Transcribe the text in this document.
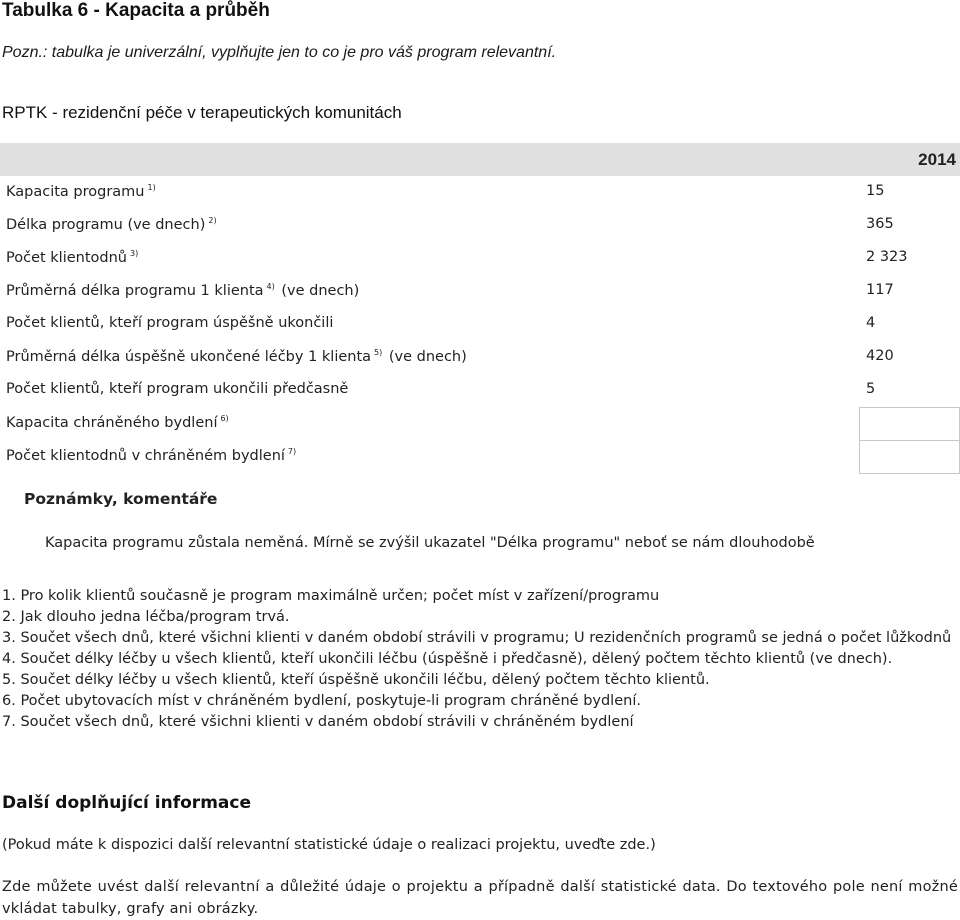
Tabulka 6 - Kapacita a průběh
Pozn.: tabulka je univerzální, vyplňujte jen to co je pro váš program relevantní.
RPTK - rezidenční péče v terapeutických komunitách
2014
Kapacita programu $^{1)}$	15
Délka programu (ve dnech) $^{2)}$	365
Počet klientodnů $^{3)}$	2 323
Průměrná délka programu 1 klienta $^{4)}$ (ve dnech)	117
Počet klientů, kteří program úspěšně ukončili	4
Průměrná délka úspěšně ukončené léčby 1 klienta $^{5)}$ (ve dnech)	420
Počet klientů, kteří program ukončili předčasně	5
Kapacita chráněného bydlení $^{6)}$
Počet klientodnů v chráněném bydlení $^{7)}$
Poznámky, komentáře
Kapacita programu zůstala neměná. Mírně se zvýšil ukazatel "Délka programu" neboť se nám dlouhodobě
1. Pro kolik klientů současně je program maximálně určen; počet míst v zařízení/programu
2. Jak dlouho jedna léčba/program trvá.
3. Součet všech dnů, které všichni klienti v daném období strávili v programu; U rezidenčních programů se jedná o počet lůžkodnů
4. Součet délky léčby u všech klientů, kteří ukončili léčbu (úspěšně i předčasně), dělený počtem těchto klientů (ve dnech).
5. Součet délky léčby u všech klientů, kteří úspěšně ukončili léčbu, dělený počtem těchto klientů.
6. Počet ubytovacích míst v chráněném bydlení, poskytuje-li program chráněné bydlení.
7. Součet všech dnů, které všichni klienti v daném období strávili v chráněném bydlení
Další doplňující informace
(Pokud máte k dispozici další relevantní statistické údaje o realizaci projektu, uveďte zde.)
Zde můžete uvést další relevantní a důležité údaje o projektu a případně další statistické data. Do textového pole není možné vkládat tabulky, grafy ani obrázky.
